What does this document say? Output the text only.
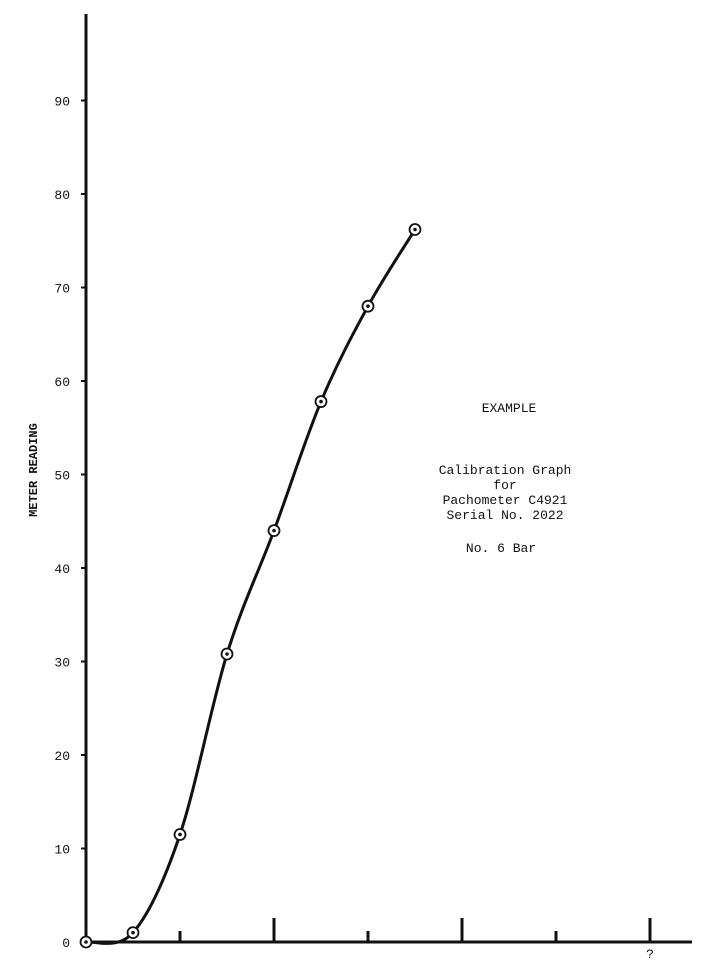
0
10
20
30
40
50
60
70
80
90
?
METER READING
EXAMPLE
Calibration Graph
for
Pachometer C4921
Serial No. 2022
No. 6 Bar
